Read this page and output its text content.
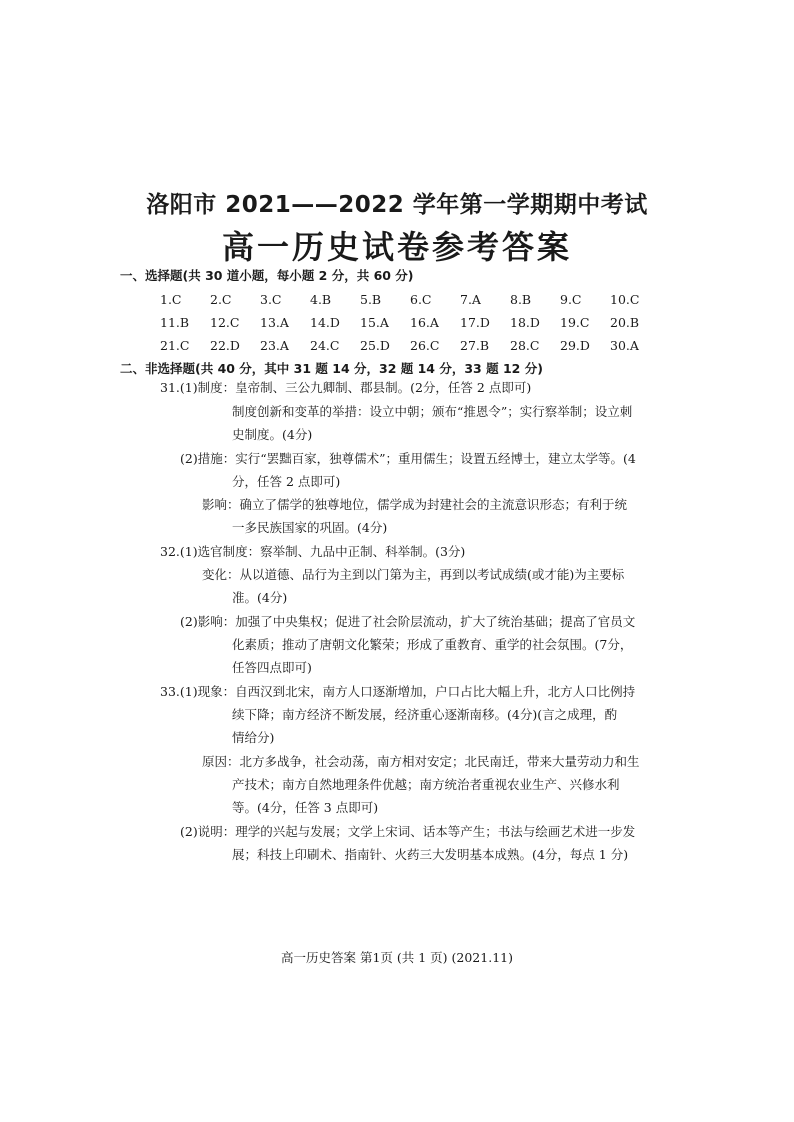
洛阳市 2021——2022 学年第一学期期中考试
高一历史试卷参考答案
一、选择题(共 30 道小题，每小题 2 分，共 60 分)
1.C	2.C	3.C	4.B	5.B	6.C	7.A	8.B	9.C	10.C
11.B	12.C	13.A	14.D	15.A	16.A	17.D	18.D	19.C	20.B
21.C	22.D	23.A	24.C	25.D	26.C	27.B	28.C	29.D	30.A
二、非选择题(共 40 分，其中 31 题 14 分，32 题 14 分，33 题 12 分)
31.(1)制度：皇帝制、三公九卿制、郡县制。(2分，任答 2 点即可)
制度创新和变革的举措：设立中朝；颁布“推恩令”；实行察举制；设立刺
史制度。(4分)
(2)措施：实行“罢黜百家，独尊儒术”；重用儒生；设置五经博士，建立太学等。(4
分，任答 2 点即可)
影响：确立了儒学的独尊地位，儒学成为封建社会的主流意识形态；有利于统
一多民族国家的巩固。(4分)
32.(1)选官制度：察举制、九品中正制、科举制。(3分)
变化：从以道德、品行为主到以门第为主，再到以考试成绩(或才能)为主要标
准。(4分)
(2)影响：加强了中央集权；促进了社会阶层流动，扩大了统治基础；提高了官员文
化素质；推动了唐朝文化繁荣；形成了重教育、重学的社会氛围。(7分，
任答四点即可)
33.(1)现象：自西汉到北宋，南方人口逐渐增加，户口占比大幅上升，北方人口比例持
续下降；南方经济不断发展，经济重心逐渐南移。(4分)(言之成理，酌
情给分)
原因：北方多战争，社会动荡，南方相对安定；北民南迁，带来大量劳动力和生
产技术；南方自然地理条件优越；南方统治者重视农业生产、兴修水利
等。(4分，任答 3 点即可)
(2)说明：理学的兴起与发展；文学上宋词、话本等产生；书法与绘画艺术进一步发
展；科技上印刷术、指南针、火药三大发明基本成熟。(4分，每点 1 分)
高一历史答案 第1页 (共 1 页) (2021.11)
